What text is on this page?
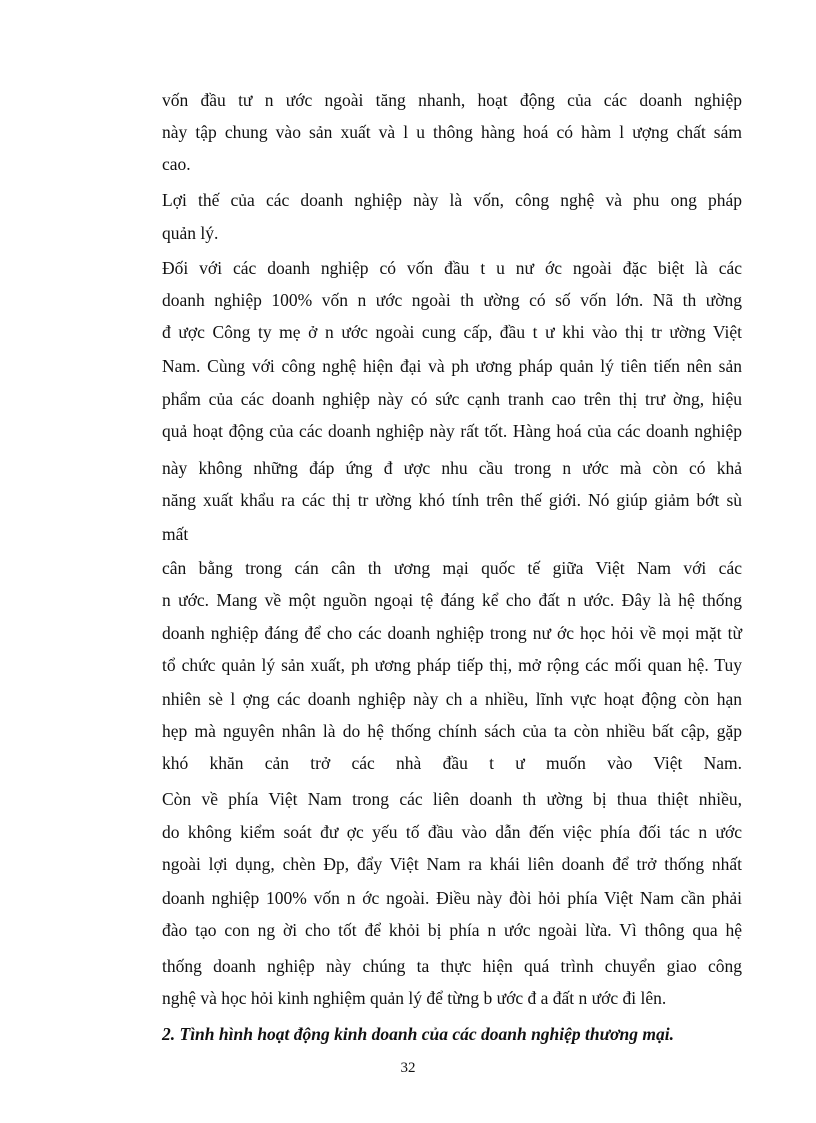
vốn đầu tư n ước ngoài tăng nhanh, hoạt động của các doanh nghiệp
này tập chung vào sản xuất và l u thông hàng hoá có hàm l ượng chất sám
cao.
Lợi thế của các doanh nghiệp này là vốn, công nghệ và phu ong pháp
quản lý.
Đối với các doanh nghiệp có vốn đầu t u nư ớc ngoài đặc biệt là các
doanh nghiệp 100% vốn n ước ngoài th ường có số vốn lớn. Nã th ường
đ ược Công ty mẹ ở n ước ngoài cung cấp, đầu t ư khi vào thị tr ường Việt
Nam. Cùng với công nghệ hiện đại và ph ương pháp quản lý tiên tiến nên sản
phẩm của các doanh nghiệp này có sức cạnh tranh cao trên thị trư ờng, hiệu
quả hoạt động của các doanh nghiệp này rất tốt. Hàng hoá của các doanh nghiệp
này không những đáp ứng đ ược nhu cầu trong n ước mà còn có khả
năng xuất khẩu ra các thị tr ường khó tính trên thế giới. Nó giúp giảm bớt sù
mất
cân bằng trong cán cân th ương mại quốc tế giữa Việt Nam với các
n ước. Mang về một nguồn ngoại tệ đáng kể cho đất n ước. Đây là hệ thống
doanh nghiệp đáng để cho các doanh nghiệp trong nư ớc học hỏi về mọi mặt từ
tổ chức quản lý sản xuất, ph ương pháp tiếp thị, mở rộng các mối quan hệ. Tuy
nhiên sè l ợng các doanh nghiệp này ch a nhiều, lĩnh vực hoạt động còn hạn
hẹp mà nguyên nhân là do hệ thống chính sách của ta còn nhiều bất cập, gặp
khó khăn cản trở các nhà đầu t ư muốn vào Việt Nam.
Còn về phía Việt Nam trong các liên doanh th ường bị thua thiệt nhiều,
do không kiểm soát đư ợc yếu tố đầu vào dẫn đến việc phía đối tác n ước
ngoài lợi dụng, chèn Ðp, đẩy Việt Nam ra khái liên doanh để trở thống nhất
doanh nghiệp 100% vốn n ớc ngoài. Điều này đòi hỏi phía Việt Nam cần phải
đào tạo con ng ời cho tốt để khỏi bị phía n ước ngoài lừa. Vì thông qua hệ
thống doanh nghiệp này chúng ta thực hiện quá trình chuyển giao công
nghệ và học hỏi kinh nghiệm quản lý để từng b ước đ a đất n ước đi lên.
2. Tình hình hoạt động kinh doanh của các doanh nghiệp thương mại.
32
